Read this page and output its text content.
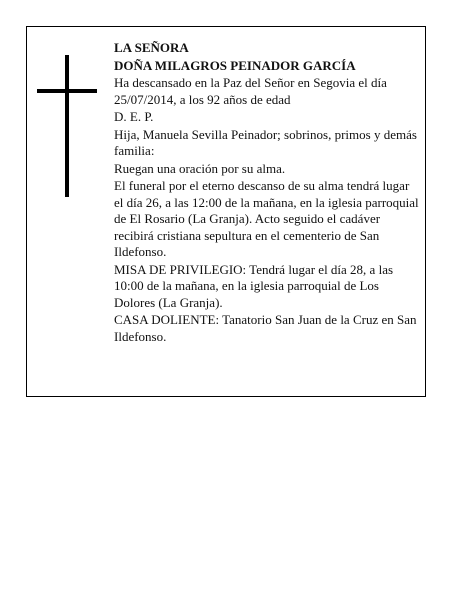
LA SEÑORA

DOÑA MILAGROS PEINADOR GARCÍA

Ha descansado en la Paz del Señor en Segovia el día 25/07/2014, a los 92 años de edad

D. E. P.

Hija, Manuela Sevilla Peinador; sobrinos, primos y demás familia:

Ruegan una oración por su alma.

El funeral por el eterno descanso de su alma tendrá lugar el día 26, a las 12:00 de la mañana, en la iglesia parroquial de El Rosario (La Granja). Acto seguido el cadáver recibirá cristiana sepultura en el cementerio de San Ildefonso.

MISA DE PRIVILEGIO: Tendrá lugar el día 28, a las 10:00 de la mañana, en la iglesia parroquial de Los Dolores (La Granja).

CASA DOLIENTE: Tanatorio San Juan de la Cruz en San Ildefonso.
